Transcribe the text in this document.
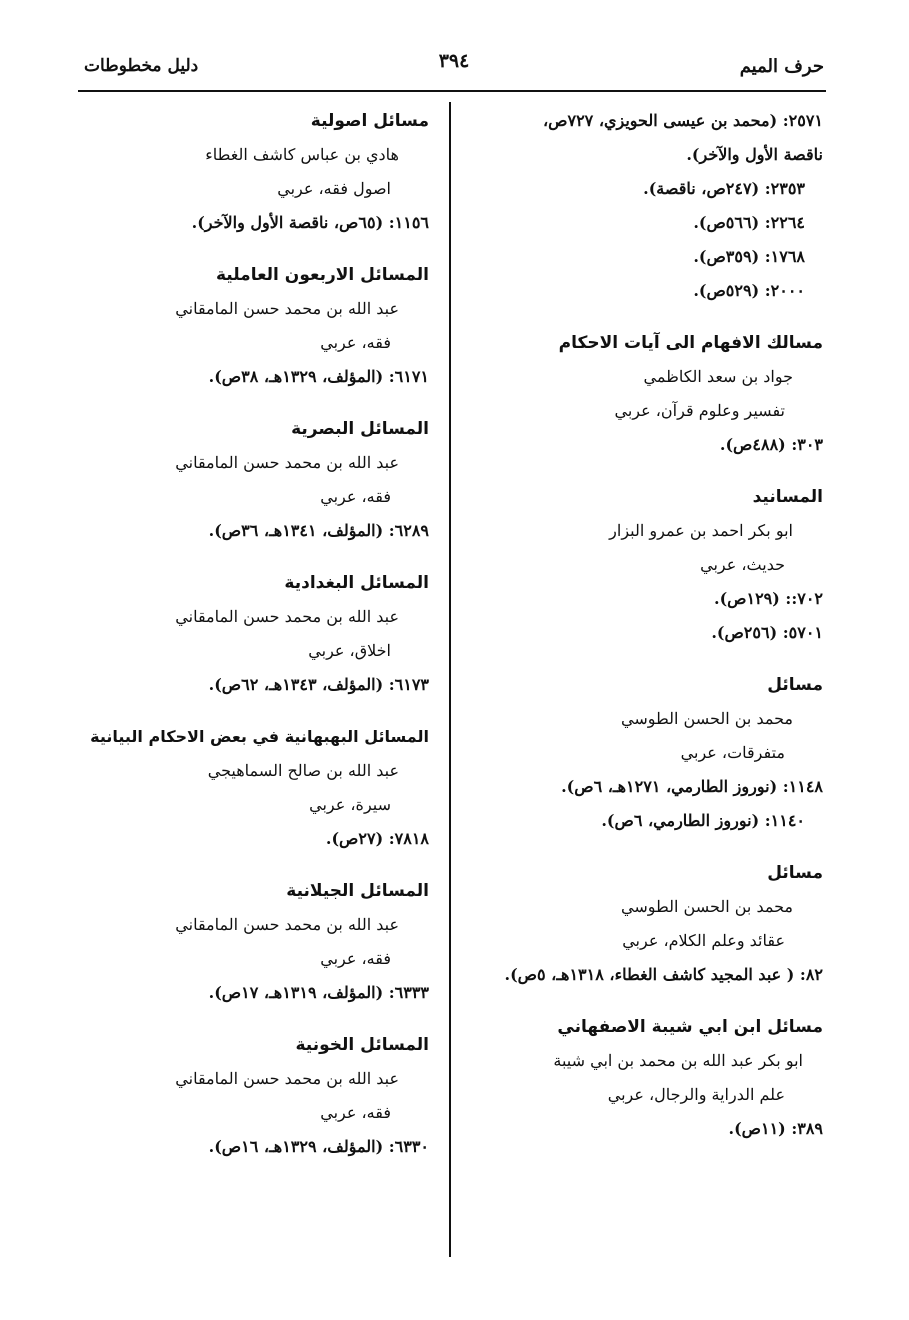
حرف الميم
٣٩٤
دليل مخطوطات
٢٥٧١: (محمد بن عيسى الحويزي، ٧٢٧ص، ناقصة الأول والآخر).
٢٣٥٣: (٢٤٧ص، ناقصة).
٢٢٦٤: (٥٦٦ص).
١٧٦٨: (٣٥٩ص).
٢٠٠٠: (٥٢٩ص).
مسالك الافهام الى آيات الاحكام
جواد بن سعد الكاظمي
تفسير وعلوم قرآن، عربي
٣٠٣: (٤٨٨ص).
المسانيد
ابو بكر احمد بن عمرو البزار
حديث، عربي
٧٠٢:: (١٢٩ص).
٥٧٠١: (٢٥٦ص).
مسائل
محمد بن الحسن الطوسي
متفرقات، عربي
١١٤٨: (نوروز الطارمي، ١٢٧١هـ، ٦ص).
١١٤٠: (نوروز الطارمي، ٦ص).
مسائل
محمد بن الحسن الطوسي
عقائد وعلم الكلام، عربي
٨٢: ( عبد المجيد كاشف الغطاء، ١٣١٨هـ، ٥ص).
مسائل ابن ابي شيبة الاصفهاني
ابو بكر عبد الله بن محمد بن ابي شيبة
علم الدراية والرجال، عربي
٣٨٩: (١١ص).
مسائل اصولية
هادي بن عباس كاشف الغطاء
اصول فقه، عربي
١١٥٦: (٦٥ص، ناقصة الأول والآخر).
المسائل الاربعون العاملية
عبد الله بن محمد حسن المامقاني
فقه، عربي
٦١٧١: (المؤلف، ١٣٢٩هـ، ٣٨ص).
المسائل البصرية
عبد الله بن محمد حسن المامقاني
فقه، عربي
٦٢٨٩: (المؤلف، ١٣٤١هـ، ٣٦ص).
المسائل البغدادية
عبد الله بن محمد حسن المامقاني
اخلاق، عربي
٦١٧٣: (المؤلف، ١٣٤٣هـ، ٦٢ص).
المسائل البهبهانية في بعض الاحكام البيانية
عبد الله بن صالح السماهيجي
سيرة، عربي
٧٨١٨: (٢٧ص).
المسائل الجيلانية
عبد الله بن محمد حسن المامقاني
فقه، عربي
٦٣٣٣: (المؤلف، ١٣١٩هـ، ١٧ص).
المسائل الخونية
عبد الله بن محمد حسن المامقاني
فقه، عربي
٦٣٣٠: (المؤلف، ١٣٢٩هـ، ١٦ص).
